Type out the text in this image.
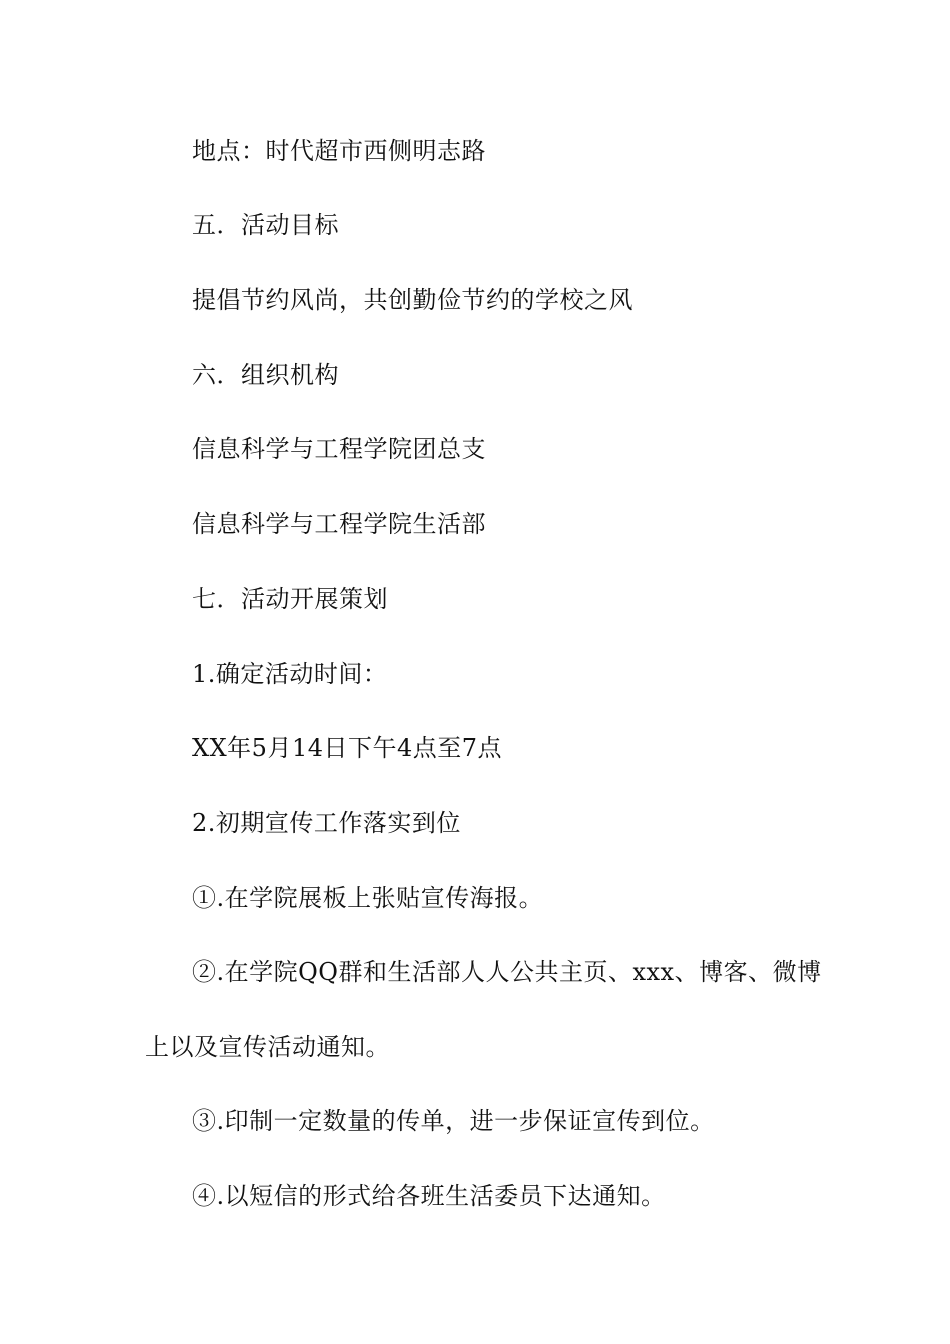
地点：时代超市西侧明志路
五．活动目标
提倡节约风尚，共创勤俭节约的学校之风
六．组织机构
信息科学与工程学院团总支
信息科学与工程学院生活部
七．活动开展策划
1.确定活动时间：
XX年5月14日下午4点至7点
2.初期宣传工作落实到位
①.在学院展板上张贴宣传海报。
②.在学院QQ群和生活部人人公共主页、xxx、博客、微博
上以及宣传活动通知。
③.印制一定数量的传单，进一步保证宣传到位。
④.以短信的形式给各班生活委员下达通知。
